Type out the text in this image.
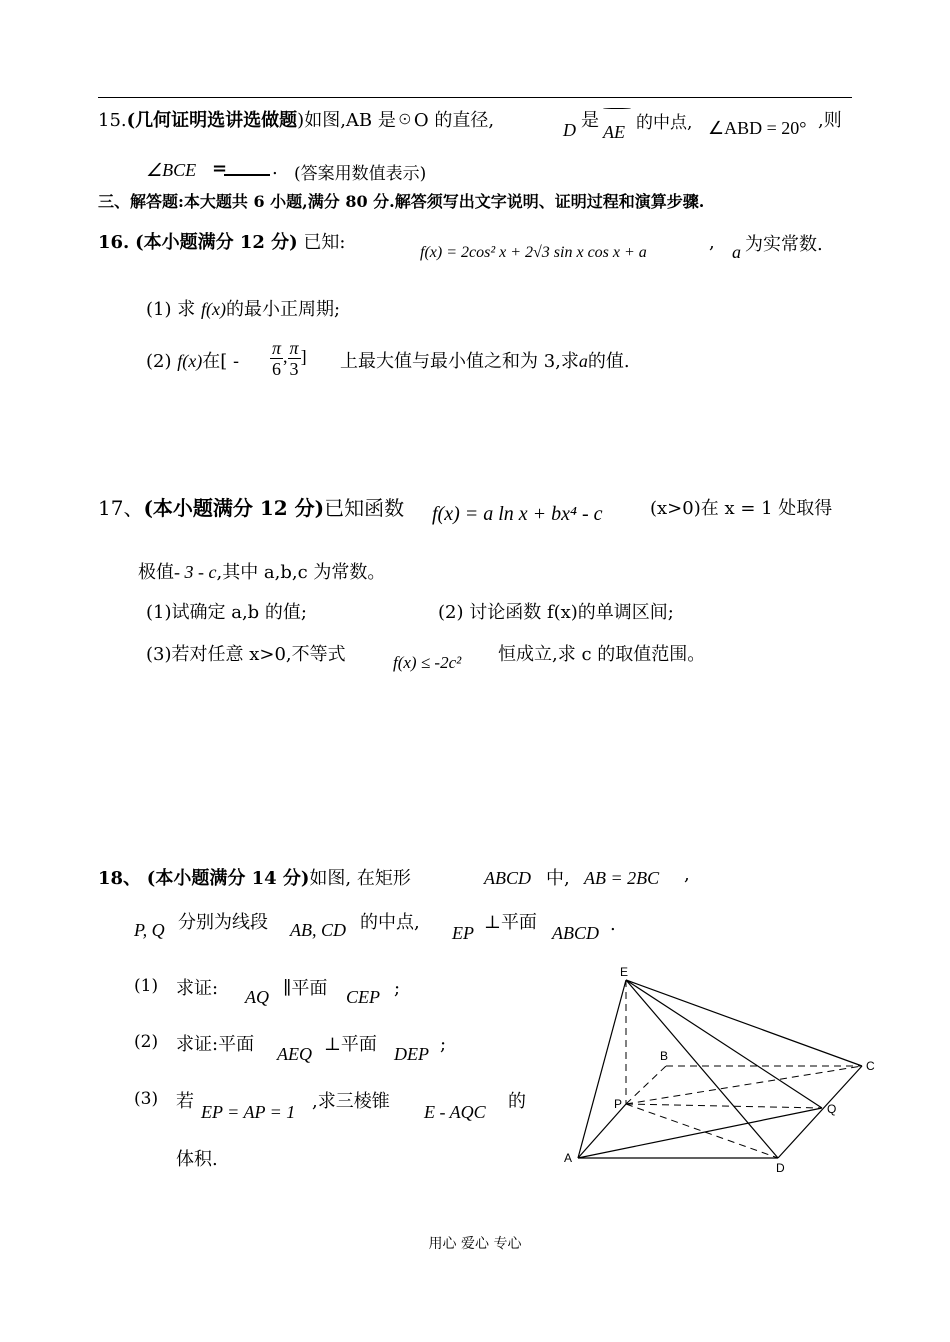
15.(几何证明选讲选做题)如图,AB 是☉O 的直径,	D 是
AE 的中点, ∠ABD = 20° ,则
∠BCE = . (答案用数值表示)
三、解答题:本大题共 6 小题,满分 80 分.解答须写出文字说明、证明过程和演算步骤.
16. (本小题满分 12 分) 已知:	f(x) = 2cos² x + 2√3 sin x cos x + a	, a 为实常数.
(1) 求 f(x)的最小正周期;
(2) f(x)在[ - $\frac{\pi}{6}$ , $\frac{\pi}{3}$ ] 上最大值与最小值之和为 3,求a的值.
17、(本小题满分 12 分)已知函数 f(x) = a ln x + bx⁴ - c	(x>0)在 x = 1 处取得
极值- 3 - c,其中 a,b,c 为常数。
(1)试确定 a,b 的值;	(2) 讨论函数 f(x)的单调区间;
(3)若对任意 x>0,不等式	f(x) ≤ -2c² 恒成立,求 c 的取值范围。
18、 (本小题满分 14 分)如图, 在矩形	ABCD 中, AB = 2BC ,
P, Q 分别为线段 AB, CD 的中点, EP ⊥平面 ABCD .
(1) 求证: AQ ∥平面 CEP ;
(2) 求证:平面 AEQ ⊥平面 DEP ;
(3) 若 EP = AP = 1 ,求三棱锥 E - AQC 的
体积.
E
B
C
P	Q
A
D
用心 爱心 专心
